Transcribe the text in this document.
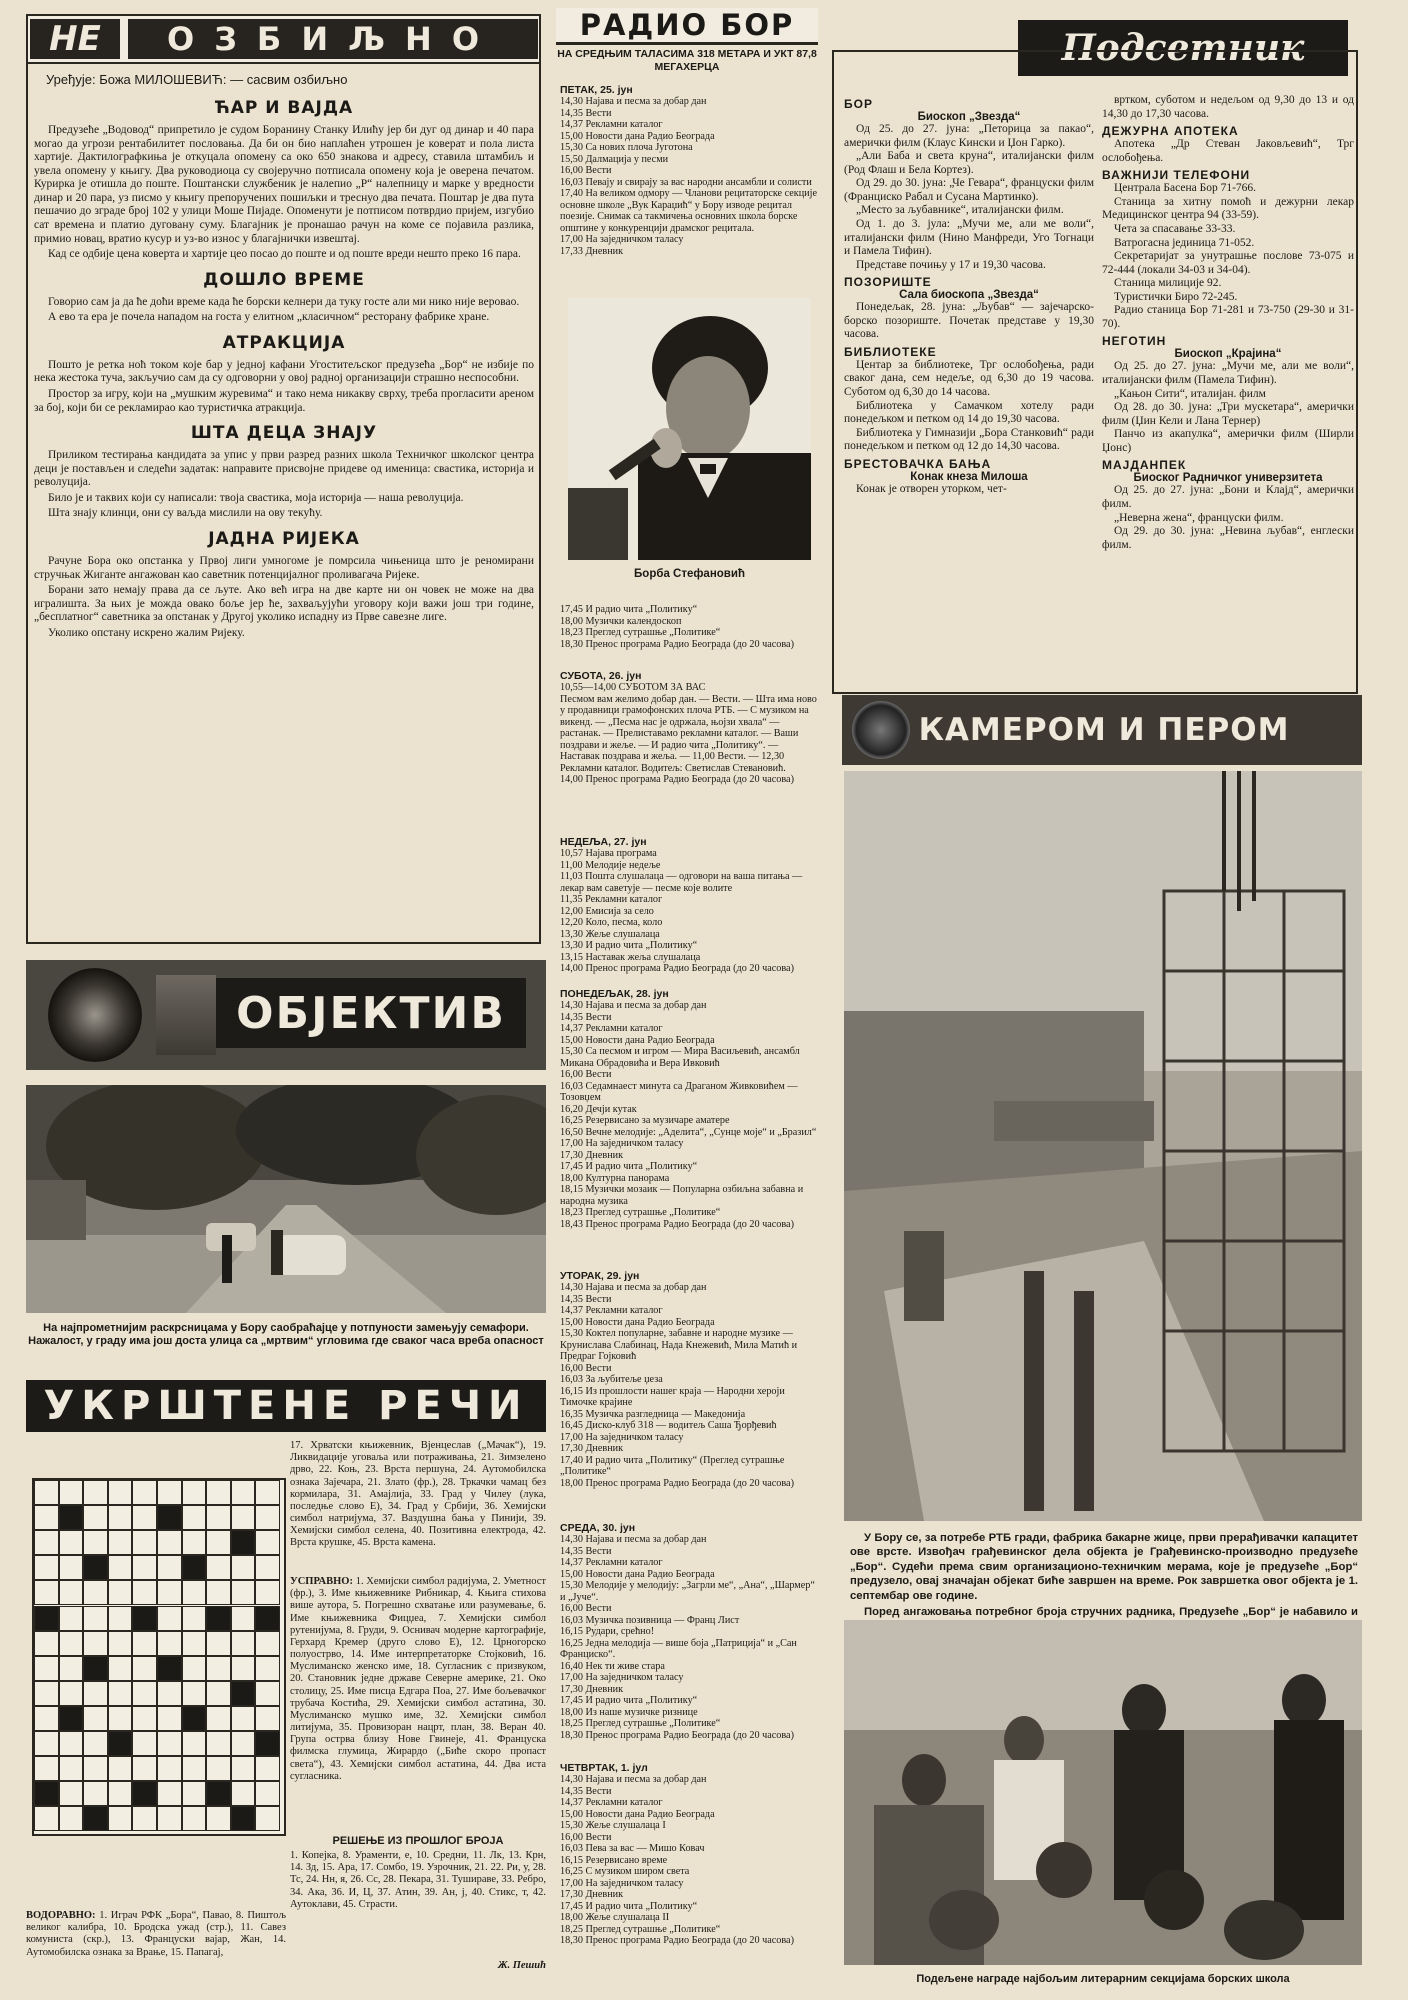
НЕ	ОЗБИЉНО
Уређује: Божа МИЛОШЕВИЋ: — сасвим озбиљно
ЋАР И ВАЈДА

Предузеће „Водовод“ припретило је судом Боранину Станку Илићу јер би дуг од динар и 40 пара могао да угрози рентабилитет пословања. Да би он био наплаћен утрошен је коверат и пола листа хартије. Дактилографкиња је откуцала опомену са око 650 знакова и адресу, ставила штамбиљ и увела опомену у књигу. Два руководиоца су својеручно потписала опомену која је оверена печатом. Курирка је отишла до поште. Поштански службеник је налепио „Р“ налепницу и марке у вредности динар и 20 пара, уз писмо у књигу препоручених пошиљки и треснуо два печата. Поштар је два пута пешачио до зграде број 102 у улици Моше Пијаде. Опоменути је потписом потврдио пријем, изгубио сат времена и платио дуговану суму. Благајник је пронашао рачун на коме се појавила разлика, примио новац, вратио кусур и уз-во износ у благајнички извештај.

Кад се одбије цена коверта и хартије цео посао до поште и од поште вреди нешто преко 16 пара.

ДОШЛО ВРЕМЕ

Говорио сам ја да ће доћи време када ће борски келнери да туку госте али ми нико није веровао.

А ево та ера је почела нападом на госта у елитном „класичном“ ресторану фабрике хране.

АТРАКЦИЈА

Пошто је ретка ноћ током које бар у једној кафани Угоститељског предузећа „Бор“ не избије по нека жестока туча, закључио сам да су одговорни у овој радној организацији страшно неспособни.

Простор за игру, који на „мушким журевима“ и тако нема никакву сврху, треба прогласити ареном за бој, који би се рекламирао као туристичка атракција.

ШТА ДЕЦА ЗНАЈУ

Приликом тестирања кандидата за упис у први разред разних школа Техничког школског центра деци је постављен и следећи задатак: направите присвојне придеве од именица: свастика, историја и револуција.

Било је и таквих који су написали: твоја свастика, моја историја — наша револуција.

Шта знају клинци, они су ваљда мислили на ову текућу.

ЈАДНА РИЈЕКА

Рачуне Бора око опстанка у Првој лиги умногоме је помрсила чињеница што је реномирани стручњак Жиганте ангажован као саветник потенцијалног проливагача Ријеке.

Борани зато немају права да се љуте. Ако већ игра на две карте ни он човек не може на два игралишта. За њих је можда овако боље јер ће, захваљујући уговору који важи још три године, „бесплатног“ саветника за опстанак у Другој уколико испадну из Прве савезне лиге.

Уколико опстану искрено жалим Ријеку.

ОБЈЕКТИВ
На најпрометнијим раскрсницама у Бору саобраћајце у потпуности замењују семафори. Нажалост, у граду има још доста улица са „мртвим“ угловима где сваког часа вреба опасност
УКРШТЕНЕ РЕЧИ
17. Хрватски књижевник, Вјенцеслав („Мачак“), 19. Ликвидације уговаља или потраживања, 21. Зимзелено дрво, 22. Коњ, 23. Врста першуна, 24. Аутомобилска ознака Зајечара, 21. Злато (фр.), 28. Тркачки чамац без кормилара, 31. Амајлија, 33. Град у Чилеу (лука, последње слово Е), 34. Град у Србији, 36. Хемијски симбол натријума, 37. Ваздушна бања у Пинији, 39. Хемијски симбол селена, 40. Позитивна електрода, 42. Врста крушке, 45. Врста камена.
УСПРАВНО: 1. Хемијски симбол радијума, 2. Уметност (фр.), 3. Име књижевнике Рибникар, 4. Књига стихова више аутора, 5. Погрешно схватање или разумевање, 6. Име књижевника Фицџеа, 7. Хемијски симбол рутенијума, 8. Груди, 9. Оснивач модерне картографије, Герхард Кремер (друго слово Е), 12. Црногорско полуострво, 14. Име интерпретаторке Стојковић, 16. Муслиманско женско име, 18. Сугласник с призвуком, 20. Становник једне државе Северне америке, 21. Око столицу, 25. Име писца Едгара Поа, 27. Име бољевачког трубача Костића, 29. Хемијски симбол астатина, 30. Муслиманско мушко име, 32. Хемијски симбол литијума, 35. Провизоран нацрт, план, 38. Веран 40. Група острва близу Нове Гвинеје, 41. Француска филмска глумица, Жирардо („Биће скоро пропаст света“), 43. Хемијски симбол астатина, 44. Два иста сугласника.
РЕШЕЊЕ ИЗ ПРОШЛОГ БРОЈА
1. Копејка, 8. Ураменти, е, 10. Средни, 11. Лк, 13. Крн, 14. Зд, 15. Ара, 17. Сомбо, 19. Узрочник, 21. 22. Ри, у, 28. Тс, 24. Нн, я, 26. Сс, 28. Пекара, 31. Тушираве, 33. Ребро, 34. Ака, 36. И, Ц, 37. Атин, 39. Ан, ј, 40. Стикс, т, 42. Аутоклави, 45. Страсти.
ВОДОРАВНО: 1. Играч РФК „Бора“, Павао, 8. Пиштољ великог калибра, 10. Бродска ужад (стр.), 11. Савез комуниста (скр.), 13. Француски вајар, Жан, 14. Аутомобилска ознака за Врање, 15. Папагај,
Ж. Пешић
РАДИО БОР
НА СРЕДЊИМ ТАЛАСИМА 318 МЕТАРА И УКТ 87,8 МЕГАХЕРЦА
ПЕТАК, 25. јун
14,30 Најава и песма за добар дан
14,35 Вести
14,37 Рекламни каталог
15,00 Новости дана Радио Београда
15,30 Са нових плоча Југотона
15,50 Далмација у песми
16,00 Вести
16,03 Певају и свирају за вас народни ансамбли и солисти
17,40 На великом одмору — Чланови рецитаторске секције основне школе „Вук Караџић“ у Бору изводе рецитал поезије. Снимак са такмичења основних школа борске општине у конкуренцији драмског рецитала.
17,00 На заједничком таласу
17,33 Дневник
Борба Стефановић
17,45 И радио чита „Политику“
18,00 Музички календоскоп
18,23 Преглед сутрашње „Политике“
18,30 Пренос програма Радио Београда (до 20 часова)
СУБОТА, 26. јун
10,55—14,00 СУБОТОМ ЗА ВАС
Песмом вам желимо добар дан. — Вести. — Шта има ново у продавници грамофонских плоча РТБ. — С музиком на викенд. — „Песма нас је одржала, њојзи хвала“ — растанак. — Прелиставамо рекламни каталог. — Ваши поздрави и жеље. — И радио чита „Политику“. — Наставак поздрава и жеља. — 11,00 Вести. — 12,30 Рекламни каталог. Водитељ: Светислав Стевановић.
14,00 Пренос програма Радио Београда (до 20 часова)
НЕДЕЉА, 27. јун
10,57 Најава програма
11,00 Мелодије недеље
11,03 Пошта слушалаца — одговори на ваша питања — лекар вам саветује — песме које волите
11,35 Рекламни каталог
12,00 Емисија за село
12,20 Коло, песма, коло
13,30 Жеље слушалаца
13,30 И радио чита „Политику“
13,15 Наставак жеља слушалаца
14,00 Пренос програма Радио Београда (до 20 часова)
ПОНЕДЕЉАК, 28. јун
14,30 Најава и песма за добар дан
14,35 Вести
14,37 Рекламни каталог
15,00 Новости дана Радио Београда
15,30 Са песмом и игром — Мира Васиљевић, ансамбл Микана Обрадовића и Вера Ивковић
16,00 Вести
16,03 Седамнаест минута са Драганом Живковићем — Тозовџем
16,20 Дечји кутак
16,25 Резервисано за музичаре аматере
16,50 Вечне мелодије: „Аделита“, „Сунце моје“ и „Бразил“
17,00 На заједничком таласу
17,30 Дневник
17,45 И радио чита „Политику“
18,00 Културна панорама
18,15 Музички мозаик — Популарна озбиљна забавна и народна музика
18,23 Преглед сутрашње „Политике“
18,43 Пренос програма Радио Београда (до 20 часова)
УТОРАК, 29. јун
14,30 Најава и песма за добар дан
14,35 Вести
14,37 Рекламни каталог
15,00 Новости дана Радио Београда
15,30 Коктел популарне, забавне и народне музике — Круниславa Слабинац, Нада Кнежевић, Мила Матић и Предраг Гојковић
16,00 Вести
16,03 За љубитеље џеза
16,15 Из прошлости нашег краја — Народни хероји Тимочке крајине
16,35 Музичка разгледница — Македонија
16,45 Диско-клуб 318 — водитељ Саша Ђорђевић
17,00 На заједничком таласу
17,30 Дневник
17,40 И радио чита „Политику“ (Преглед сутрашње „Политике“
18,00 Пренос програма Радио Београда (до 20 часова)
СРЕДА, 30. јун
14,30 Најава и песма за добар дан
14,35 Вести
14,37 Рекламни каталог
15,00 Новости дана Радио Београда
15,30 Мелодије у мелодију: „Загрли ме“, „Ана“, „Шармер“ и „Јуче“.
16,00 Вести
16,03 Музичка позивница — Франц Лист
16,15 Рудари, срећно!
16,25 Једна мелодија — више боја „Патриција“ и „Сан Франциско“.
16,40 Нек ти живе стара
17,00 На заједничком таласу
17,30 Дневник
17,45 И радио чита „Политику“
18,00 Из наше музичке ризнице
18,25 Преглед сутрашње „Политике“
18,30 Пренос програма Радио Београда (до 20 часова)
ЧЕТВРТАК, 1. јул
14,30 Најава и песма за добар дан
14,35 Вести
14,37 Рекламни каталог
15,00 Новости дана Радио Београда
15,30 Жеље слушалаца I
16,00 Вести
16,03 Пева за вас — Мишо Ковач
16,15 Резервисано време
16,25 С музиком широм света
17,00 На заједничком таласу
17,30 Дневник
17,45 И радио чита „Политику“
18,00 Жеље слушалаца II
18,25 Преглед сутрашње „Политике“
18,30 Пренос програма Радио Београда (до 20 часова)
Подсетник
БОР
Биоскоп „Звезда“
Од 25. до 27. јуна: „Петорица за пакао“, амерички филм (Клаус Кински и Џон Гарко).
„Али Баба и света круна“, италијански филм (Род Флаш и Бела Кортез).
Од 29. до 30. јуна: „Че Гевара“, француски филм (Франциско Рабал и Сусана Мартинко).
„Место за љубавнике“, италијански филм.
Од 1. до 3. јула: „Мучи ме, али ме воли“, италијански филм (Нино Манфреди, Уго Тогнаци и Памела Тифин).
Представе почињу у 17 и 19,30 часова.
ПОЗОРИШТЕ
Сала биоскопа „Звезда“
Понедељак, 28. јуна: „Љубав“ — зајечарско-борско позориште. Почетак представе у 19,30 часова.
БИБЛИОТЕКЕ
Центар за библиотеке, Трг ослобођења, ради сваког дана, сем недеље, од 6,30 до 19 часова. Суботом од 6,30 до 14 часова.
Библиотека у Самачком хотелу ради понедељком и петком од 14 до 19,30 часова.
Библиотека у Гимназији „Бора Станковић“ ради понедељком и петком од 12 до 14,30 часова.
БРЕСТОВАЧКА БАЊА
Конак кнеза Милоша
Конак је отворен уторком, чет-
вртком, суботом и недељом од 9,30 до 13 и од 14,30 до 17,30 часова.
ДЕЖУРНА АПОТЕКА
Апотека „Др Стеван Јаковљевић“, Трг ослобођења.
ВАЖНИЈИ ТЕЛЕФОНИ
Централа Басена Бор 71-766.
Станица за хитну помоћ и дежурни лекар Медицинског центра 94 (33-59).
Чета за спасавање 33-33.
Ватрогасна јединица 71-052.
Секретаријат за унутрашње послове 73-075 и 72-444 (локали 34-03 и 34-04).
Станица милиције 92.
Туристички Биро 72-245.
Радио станица Бор 71-281 и 73-750 (29-30 и 31-70).
НЕГОТИН
Биоскоп „Крајина“
Од 25. до 27. јуна: „Мучи ме, али ме воли“, италијански филм (Памела Тифин).
„Кањон Сити“, италијан. филм
Од 28. до 30. јуна: „Три мускетара“, амерички филм (Џин Кели и Лана Тернер)
Панчо из акапулка“, амерички филм (Ширли Џонс)
МАЈДАНПЕК
Биоског Радничког универзитета
Од 25. до 27. јуна: „Бони и Клајд“, амерички филм.
„Неверна жена“, француски филм.
Од 29. до 30. јуна: „Невина љубав“, енглески филм.
КАМЕРОМ И ПЕРОМ

У Бору се, за потребе РТБ гради, фабрика бакарне жице, први прерађивачки капацитет ове врсте. Извођач грађевинског дела објекта је Грађевинско-производно предузеће „Бор“. Судећи према свим организационо-техничким мерама, које је предузеће „Бор“ предузело, овај значајан објекат биће завршен на време. Рок завршетка овог објекта је 1. септембар ове године.

Поред ангажовања потребног броја стручних радника, Предузеће „Бор“ је набавило и

Подељене награде најбољим литерарним секцијама борских школа
